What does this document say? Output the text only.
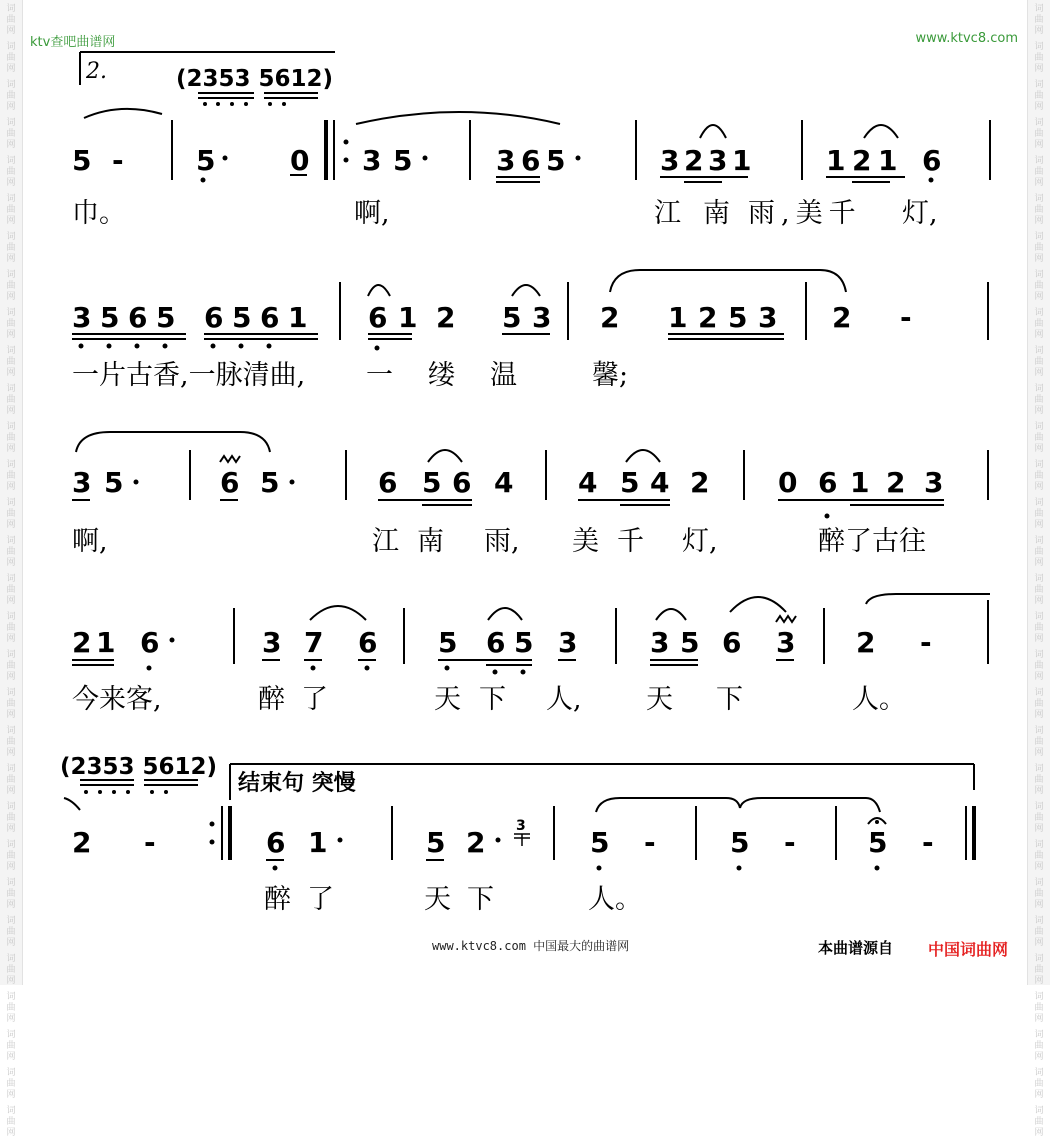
词
曲
网
词
曲
网
词
曲
网
词
曲
网
词
曲
网
词
曲
网
词
曲
网
词
曲
网
词
曲
网
词
曲
网
词
曲
网
词
曲
网
词
曲
网
词
曲
网
词
曲
网
词
曲
网
词
曲
网
词
曲
网
词
曲
网
词
曲
网
词
曲
网
词
曲
网
词
曲
网
词
曲
网
词
曲
网
词
曲
网
词
曲
网
词
曲
网
词
曲
网
词
曲
网
词
曲
网
词
曲
网
词
曲
网
词
曲
网
词
曲
网
词
曲
网
词
曲
网
词
曲
网
词
曲
网
词
曲
网
词
曲
网
词
曲
网
词
曲
网
词
曲
网
词
曲
网
词
曲
网
词
曲
网
词
曲
网
词
曲
网
词
曲
网
词
曲
网
词
曲
网
词
曲
网
词
曲
网
词
曲
网
词
曲
网
词
曲
网
词
曲
网
词
曲
网
词
曲
网
ktv查吧曲谱网	www.ktvc8.com
2.	(2353 5612)
5 -	5	0 3 5	3 6 5	3 2 3 1	1 2 1 6
巾。	啊,	江南
雨,美千 灯,
3 5 6 5 6 5 6 1 6 1 2 5 3 2 1 2 5 3 2 -
一片古香,一脉清曲, 一 缕 温	馨;
3 5	6 5	6 5 6 4 4 5 4 2 0 6 1 2 3
啊,	江南 雨, 美千 灯,	醉了古往
2 1 6	3 7 6 5 6 5 3	3 5 6 3 2 -
今来客,	醉了	天下 人, 天 下	人。
(2353 5612)
结束句 突慢
2 -	6 1	5 2 3 5 -	5 -	5 -
醉了	天下	人。
www.ktvc8.com 中国最大的曲谱网	本曲谱源自 中国词曲网
